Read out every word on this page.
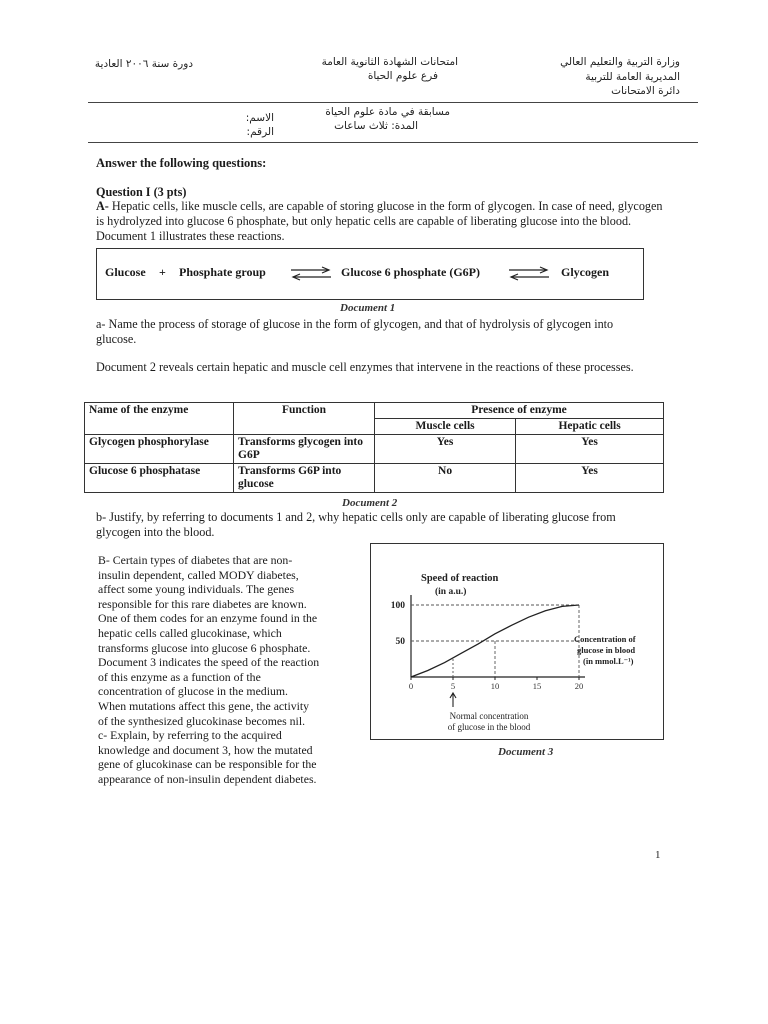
وزارة التربية والتعليم العالي
المديرية العامة للتربية
دائرة الامتحانات
امتحانات الشهادة الثانوية العامة
فرع علوم الحياة
دورة سنة ٢٠٠٦ العادية
مسابقة في مادة علوم الحياة
المدة: ثلاث ساعات
الاسم:
الرقم:
Answer the following questions:
Question I (3 pts)
A- Hepatic cells, like muscle cells, are capable of storing glucose in the form of glycogen. In case of need, glycogen is hydrolyzed into glucose 6 phosphate, but only hepatic cells are capable of liberating glucose into the blood. Document 1 illustrates these reactions.
Glucose + Phosphate group ⇌ Glucose 6 phosphate (G6P) ⇌ Glycogen
Document 1
a- Name the process of storage of glucose in the form of glycogen, and that of hydrolysis of glycogen into glucose.
Document 2 reveals certain hepatic and muscle cell enzymes that intervene in the reactions of these processes.
Name of the enzyme	Function	Presence of enzyme	
		Muscle cells	Hepatic cells
Glycogen phosphorylase	Transforms glycogen into G6P	Yes	Yes
Glucose 6 phosphatase	Transforms G6P into glucose	No	Yes
Document 2
b- Justify, by referring to documents 1 and 2, why hepatic cells only are capable of liberating glucose from glycogen into the blood.
B- Certain types of diabetes that are non-
insulin dependent, called MODY diabetes,
affect some young individuals. The genes
responsible for this rare diabetes are known.
One of them codes for an enzyme found in the
hepatic cells called glucokinase, which
transforms glucose into glucose 6 phosphate.
Document 3 indicates the speed of the reaction
of this enzyme as a function of the
concentration of glucose in the medium.
When mutations affect this gene, the activity
of the synthesized glucokinase becomes nil.
c- Explain, by referring to the acquired
knowledge and document 3, how the mutated
gene of glucokinase can be responsible for the
appearance of non-insulin dependent diabetes.
Speed of reaction
(in a.u.)
Concentration of
glucose in blood
(in mmol.L⁻¹)
50
100
0	5	10	15	20
Normal concentration
of glucose in the blood
Document 3
1
